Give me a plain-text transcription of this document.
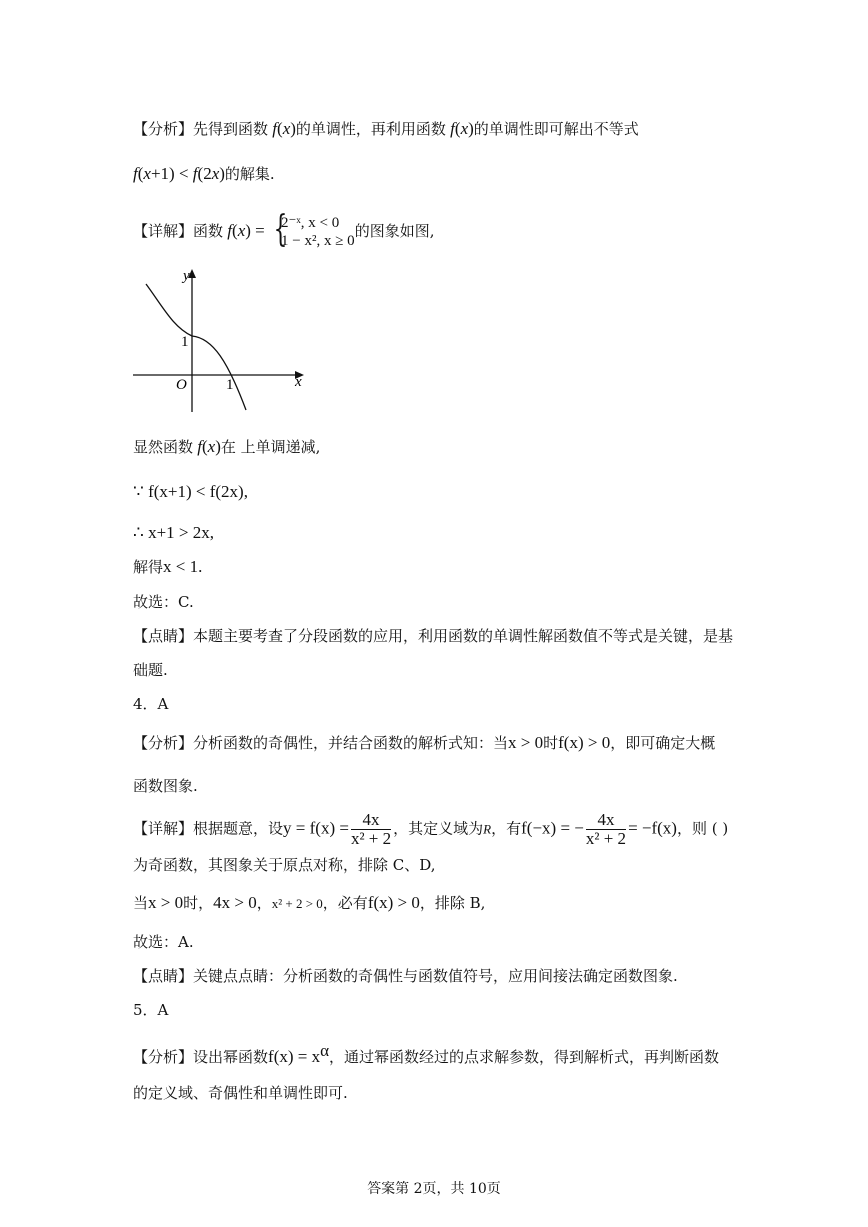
【分析】先得到函数 f(x)的单调性，再利用函数 f(x)的单调性即可解出不等式
f(x+1) < f(2x)的解集.
【详解】函数 f(x) = {
2⁻ˣ, x < 0
1 − x², x ≥ 0
的图象如图,
y
x
O
1
1
显然函数 f(x)在 上单调递减,
∵ f(x+1) < f(2x),
∴ x+1 > 2x,
解得x < 1.
故选：C.
【点睛】本题主要考查了分段函数的应用，利用函数的单调性解函数值不等式是关键，是基
础题.
4．A
【分析】分析函数的奇偶性，并结合函数的解析式知：当x > 0时f(x) > 0，即可确定大概
函数图象.
【详解】根据题意，设$y = f(x) = \frac{4x}{\text{x² + 2}}$ ，其定义域为R，有f(−x) = − $\frac{4x}{\text{x² + 2}} = -f(x)$，则 ( )
为奇函数，其图象关于原点对称，排除 C、D,
当x > 0时，4x > 0，x² + 2 > 0，必有f(x) > 0，排除 B,
故选：A.
【点睛】关键点点睛：分析函数的奇偶性与函数值符号，应用间接法确定函数图象.
5．A
【分析】设出幂函数$f(x) = x^\alpha$，通过幂函数经过的点求解参数，得到解析式，再判断函数
的定义域、奇偶性和单调性即可.
答案第 2页，共 10页
